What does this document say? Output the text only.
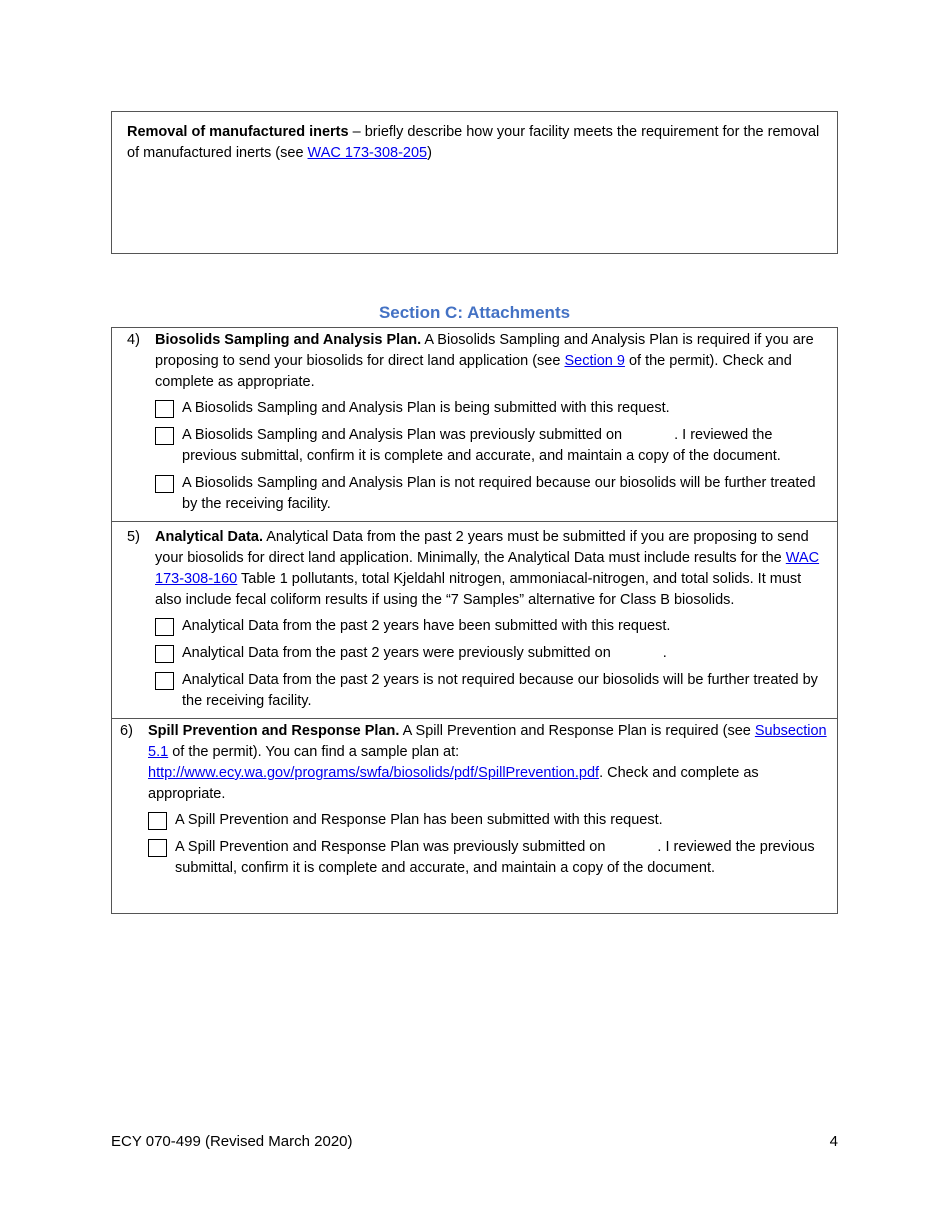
Removal of manufactured inerts – briefly describe how your facility meets the requirement for the removal of manufactured inerts (see WAC 173-308-205)

Section C: Attachments
4) Biosolids Sampling and Analysis Plan. A Biosolids Sampling and Analysis Plan is required if you are proposing to send your biosolids for direct land application (see Section 9 of the permit). Check and complete as appropriate.

A Biosolids Sampling and Analysis Plan is being submitted with this request.
A Biosolids Sampling and Analysis Plan was previously submitted on	. I reviewed the previous submittal, confirm it is complete and accurate, and maintain a copy of the document.
A Biosolids Sampling and Analysis Plan is not required because our biosolids will be further treated by the receiving facility.
5) Analytical Data. Analytical Data from the past 2 years must be submitted if you are proposing to send your biosolids for direct land application. Minimally, the Analytical Data must include results for the WAC 173-308-160 Table 1 pollutants, total Kjeldahl nitrogen, ammoniacal-nitrogen, and total solids. It must also include fecal coliform results if using the “7 Samples” alternative for Class B biosolids.

Analytical Data from the past 2 years have been submitted with this request.
Analytical Data from the past 2 years were previously submitted on	.
Analytical Data from the past 2 years is not required because our biosolids will be further treated by the receiving facility.
6) Spill Prevention and Response Plan. A Spill Prevention and Response Plan is required (see Subsection 5.1 of the permit). You can find a sample plan at: http://www.ecy.wa.gov/programs/swfa/biosolids/pdf/SpillPrevention.pdf. Check and complete as appropriate.

A Spill Prevention and Response Plan has been submitted with this request.
A Spill Prevention and Response Plan was previously submitted on	. I reviewed the previous submittal, confirm it is complete and accurate, and maintain a copy of the document.
ECY 070-499 (Revised March 2020)	4
